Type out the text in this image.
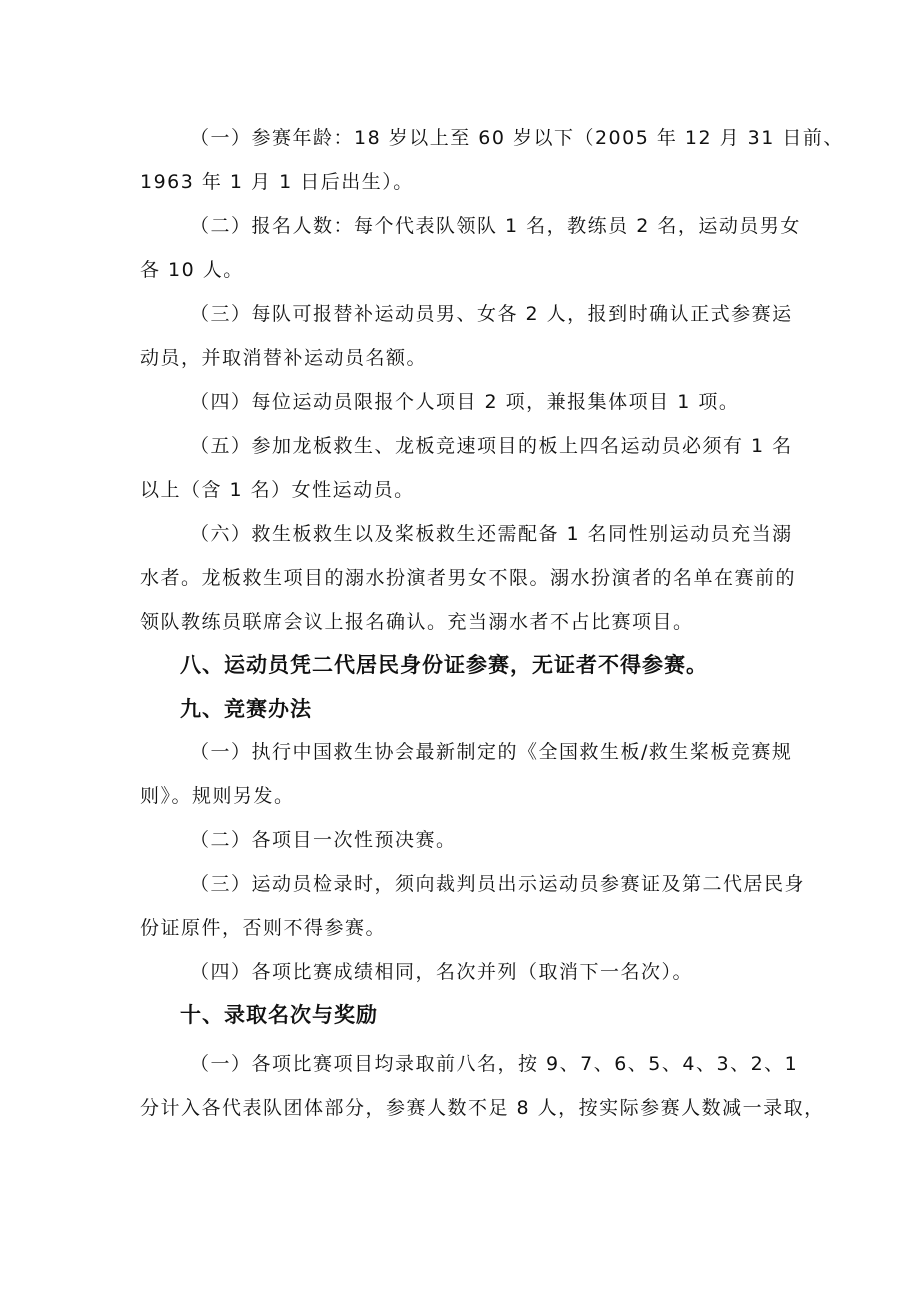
（一）参赛年龄：18 岁以上至 60 岁以下（2005 年 12 月 31 日前、
1963 年 1 月 1 日后出生）。
（二）报名人数：每个代表队领队 1 名，教练员 2 名，运动员男女
各 10 人。
（三）每队可报替补运动员男、女各 2 人，报到时确认正式参赛运
动员，并取消替补运动员名额。
（四）每位运动员限报个人项目 2 项，兼报集体项目 1 项。
（五）参加龙板救生、龙板竞速项目的板上四名运动员必须有 1 名
以上（含 1 名）女性运动员。
（六）救生板救生以及桨板救生还需配备 1 名同性别运动员充当溺
水者。龙板救生项目的溺水扮演者男女不限。溺水扮演者的名单在赛前的
领队教练员联席会议上报名确认。充当溺水者不占比赛项目。
八、运动员凭二代居民身份证参赛，无证者不得参赛。
九、竞赛办法
（一）执行中国救生协会最新制定的《全国救生板/救生桨板竞赛规
则》。规则另发。
（二）各项目一次性预决赛。
（三）运动员检录时，须向裁判员出示运动员参赛证及第二代居民身
份证原件，否则不得参赛。
（四）各项比赛成绩相同，名次并列（取消下一名次）。
十、录取名次与奖励
（一）各项比赛项目均录取前八名，按 9、7、6、5、4、3、2、1
分计入各代表队团体部分，参赛人数不足 8 人，按实际参赛人数减一录取，
